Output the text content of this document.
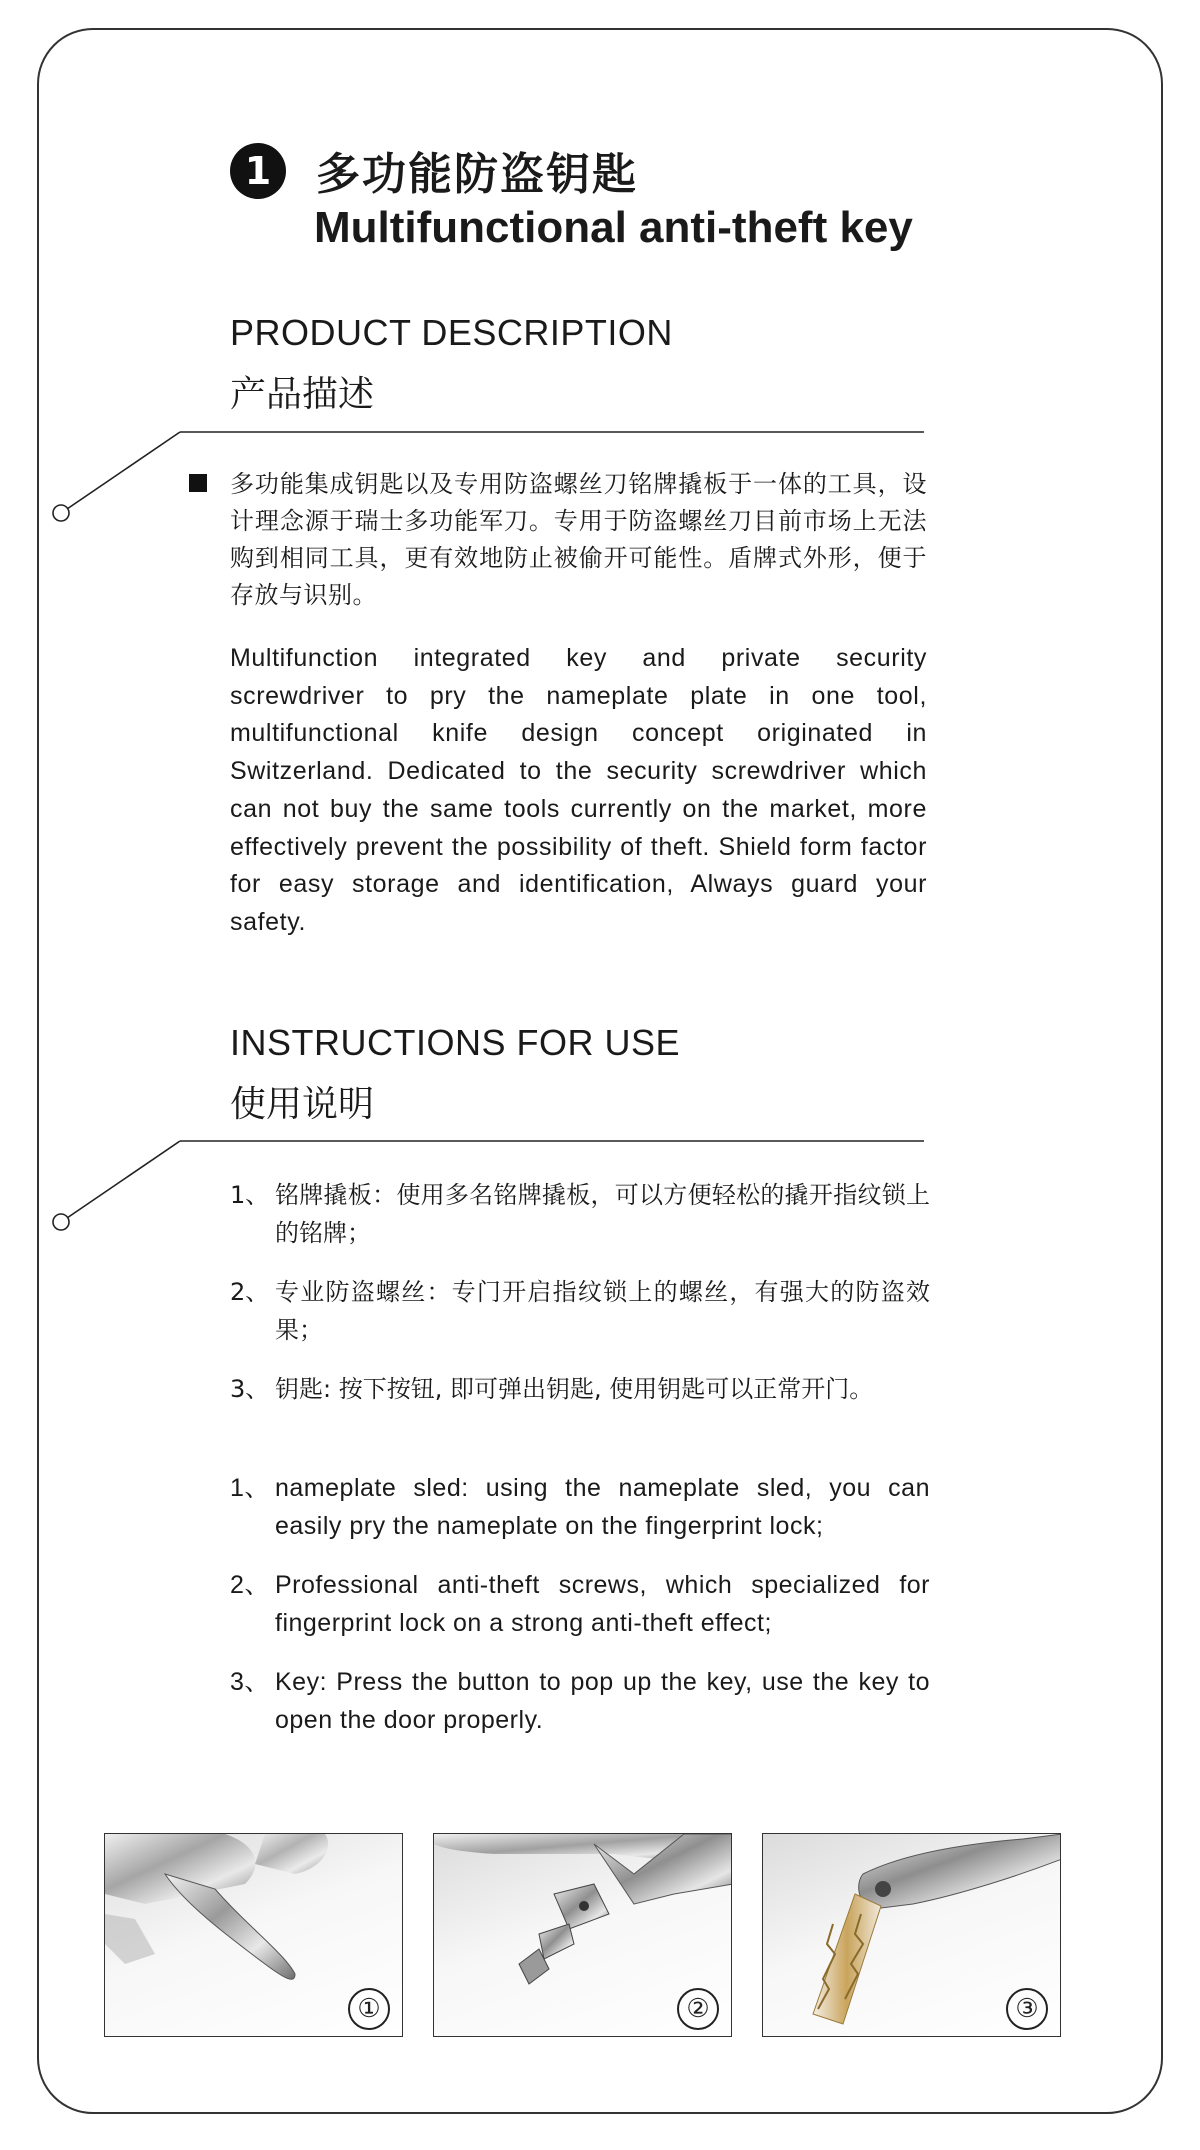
1	多功能防盗钥匙
Multifunctional anti-theft key
PRODUCT DESCRIPTION
产品描述
多功能集成钥匙以及专用防盗螺丝刀铭牌撬板于一体的工具，设计理念源于瑞士多功能军刀。专用于防盗螺丝刀目前市场上无法购到相同工具，更有效地防止被偷开可能性。盾牌式外形，便于存放与识别。
Multifunction integrated key and private security screwdriver to pry the nameplate plate in one tool, multifunctional knife design concept originated in Switzerland. Dedicated to the security screwdriver which can not buy the same tools currently on the market, more effectively prevent the possibility of theft. Shield form factor for easy storage and identification, Always guard your safety.
INSTRUCTIONS FOR USE
使用说明
1、 铭牌撬板：使用多名铭牌撬板，可以方便轻松的撬开指纹锁上的铭牌；
2、 专业防盗螺丝：专门开启指纹锁上的螺丝，有强大的防盗效果；
3、 钥匙: 按下按钮, 即可弹出钥匙, 使用钥匙可以正常开门。
1、 nameplate sled: using the nameplate sled, you can easily pry the nameplate on the fingerprint lock;
2、 Professional anti-theft screws, which specialized for fingerprint lock on a strong anti-theft effect;
3、 Key: Press the button to pop up the key, use the key to open the door properly.
①	②	③
